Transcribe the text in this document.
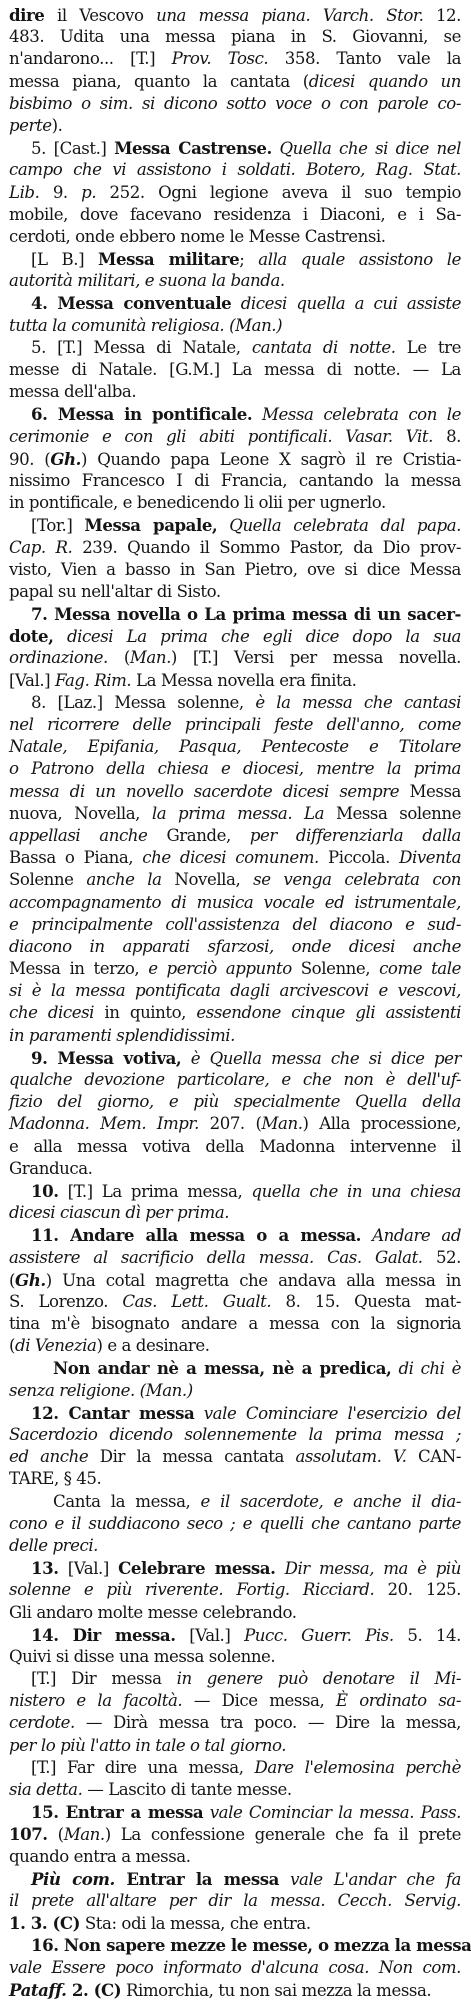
dire il Vescovo una messa piana. Varch. Stor. 12.
483. Udita una messa piana in S. Giovanni, se
n'andarono... [T.] Prov. Tosc. 358. Tanto vale la
messa piana, quanto la cantata (dicesi quando un
bisbimo o sim. si dicono sotto voce o con parole co-
perte).
5. [Cast.] Messa Castrense. Quella che si dice nel
campo che vi assistono i soldati. Botero, Rag. Stat.
Lib. 9. p. 252. Ogni legione aveva il suo tempio
mobile, dove facevano residenza i Diaconi, e i Sa-
cerdoti, onde ebbero nome le Messe Castrensi.
[L B.] Messa militare; alla quale assistono le
autorità militari, e suona la banda.
4. Messa conventuale dicesi quella a cui assiste
tutta la comunità religiosa. (Man.)
5. [T.] Messa di Natale, cantata di notte. Le tre
messe di Natale. [G.M.] La messa di notte. — La
messa dell'alba.
6. Messa in pontificale. Messa celebrata con le
cerimonie e con gli abiti pontificali. Vasar. Vit. 8.
90. (Gh.) Quando papa Leone X sagrò il re Cristia-
nissimo Francesco I di Francia, cantando la messa
in pontificale, e benedicendo li olii per ugnerlo.
[Tor.] Messa papale, Quella celebrata dal papa.
Cap. R. 239. Quando il Sommo Pastor, da Dio prov-
visto, Vien a basso in San Pietro, ove si dice Messa
papal su nell'altar di Sisto.
7. Messa novella o La prima messa di un sacer-
dote, dicesi La prima che egli dice dopo la sua
ordinazione. (Man.) [T.] Versi per messa novella.
[Val.] Fag. Rim. La Messa novella era finita.
8. [Laz.] Messa solenne, è la messa che cantasi
nel ricorrere delle principali feste dell'anno, come
Natale, Epifania, Pasqua, Pentecoste e Titolare
o Patrono della chiesa e diocesi, mentre la prima
messa di un novello sacerdote dicesi sempre Messa
nuova, Novella, la prima messa. La Messa solenne
appellasi anche Grande, per differenziarla dalla
Bassa o Piana, che dicesi comunem. Piccola. Diventa
Solenne anche la Novella, se venga celebrata con
accompagnamento di musica vocale ed istrumentale,
e principalmente coll'assistenza del diacono e sud-
diacono in apparati sfarzosi, onde dicesi anche
Messa in terzo, e perciò appunto Solenne, come tale
si è la messa pontificata dagli arcivescovi e vescovi,
che dicesi in quinto, essendone cinque gli assistenti
in paramenti splendidissimi.
9. Messa votiva, è Quella messa che si dice per
qualche devozione particolare, e che non è dell'uf-
fizio del giorno, e più specialmente Quella della
Madonna. Mem. Impr. 207. (Man.) Alla processione,
e alla messa votiva della Madonna intervenne il
Granduca.
10. [T.] La prima messa, quella che in una chiesa
dicesi ciascun dì per prima.
11. Andare alla messa o a messa. Andare ad
assistere al sacrificio della messa. Cas. Galat. 52.
(Gh.) Una cotal magretta che andava alla messa in
S. Lorenzo. Cas. Lett. Gualt. 8. 15. Questa mat-
tina m'è bisognato andare a messa con la signoria
(di Venezia) e a desinare.
Non andar nè a messa, nè a predica, di chi è
senza religione. (Man.)
12. Cantar messa vale Cominciare l'esercizio del
Sacerdozio dicendo solennemente la prima messa ;
ed anche Dir la messa cantata assolutam. V. CAN-
TARE, § 45.
Canta la messa, e il sacerdote, e anche il dia-
cono e il suddiacono seco ; e quelli che cantano parte
delle preci.
13. [Val.] Celebrare messa. Dir messa, ma è più
solenne e più riverente. Fortig. Ricciard. 20. 125.
Gli andaro molte messe celebrando.
14. Dir messa. [Val.] Pucc. Guerr. Pis. 5. 14.
Quivi si disse una messa solenne.
[T.] Dir messa in genere può denotare il Mi-
nistero e la facoltà. — Dice messa, È ordinato sa-
cerdote. — Dirà messa tra poco. — Dire la messa,
per lo più l'atto in tale o tal giorno.
[T.] Far dire una messa, Dare l'elemosina perchè
sia detta. — Lascito di tante messe.
15. Entrar a messa vale Cominciar la messa. Pass.
107. (Man.) La confessione generale che fa il prete
quando entra a messa.
Più com. Entrar la messa vale L'andar che fa
il prete all'altare per dir la messa. Cecch. Servig.
1. 3. (C) Sta: odi la messa, che entra.
16. Non sapere mezze le messe, o mezza la messa
vale Essere poco informato d'alcuna cosa. Non com.
Pataff. 2. (C) Rimorchia, tu non sai mezza la messa.
